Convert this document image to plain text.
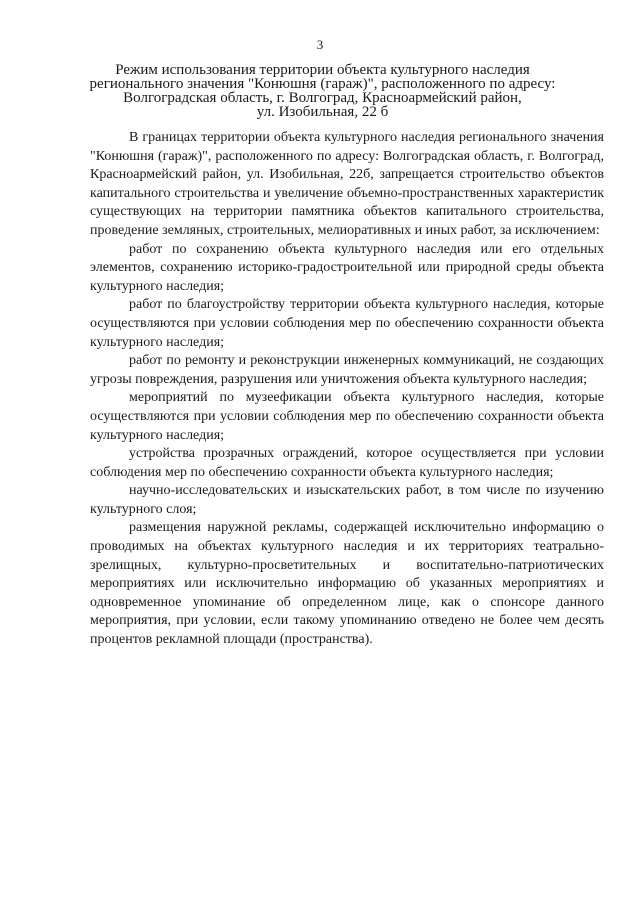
3
Режим использования территории объекта культурного наследия
регионального значения "Конюшня (гараж)", расположенного по адресу:
Волгоградская область, г. Волгоград, Красноармейский район,
ул. Изобильная, 22 б

В границах территории объекта культурного наследия регионального значения "Конюшня (гараж)", расположенного по адресу: Волгоградская область, г. Волгоград, Красноармейский район, ул. Изобильная, 22б, запрещается строительство объектов капитального строительства и увеличение объемно-пространственных характеристик существующих на территории памятника объектов капитального строительства, проведение земляных, строительных, мелиоративных и иных работ, за исключением:

работ по сохранению объекта культурного наследия или его отдельных элементов, сохранению историко-градостроительной или природной среды объекта культурного наследия;

работ по благоустройству территории объекта культурного наследия, которые осуществляются при условии соблюдения мер по обеспечению сохранности объекта культурного наследия;

работ по ремонту и реконструкции инженерных коммуникаций, не создающих угрозы повреждения, разрушения или уничтожения объекта культурного наследия;

мероприятий по музеефикации объекта культурного наследия, которые осуществляются при условии соблюдения мер по обеспечению сохранности объекта культурного наследия;

устройства прозрачных ограждений, которое осуществляется при условии соблюдения мер по обеспечению сохранности объекта культурного наследия;

научно-исследовательских и изыскательских работ, в том числе по изучению культурного слоя;

размещения наружной рекламы, содержащей исключительно информацию о проводимых на объектах культурного наследия и их территориях театрально-зрелищных, культурно-просветительных и воспитательно-патриотических мероприятиях или исключительно информацию об указанных мероприятиях и одновременное упоминание об определенном лице, как о спонсоре данного мероприятия, при условии, если такому упоминанию отведено не более чем десять процентов рекламной площади (пространства).
